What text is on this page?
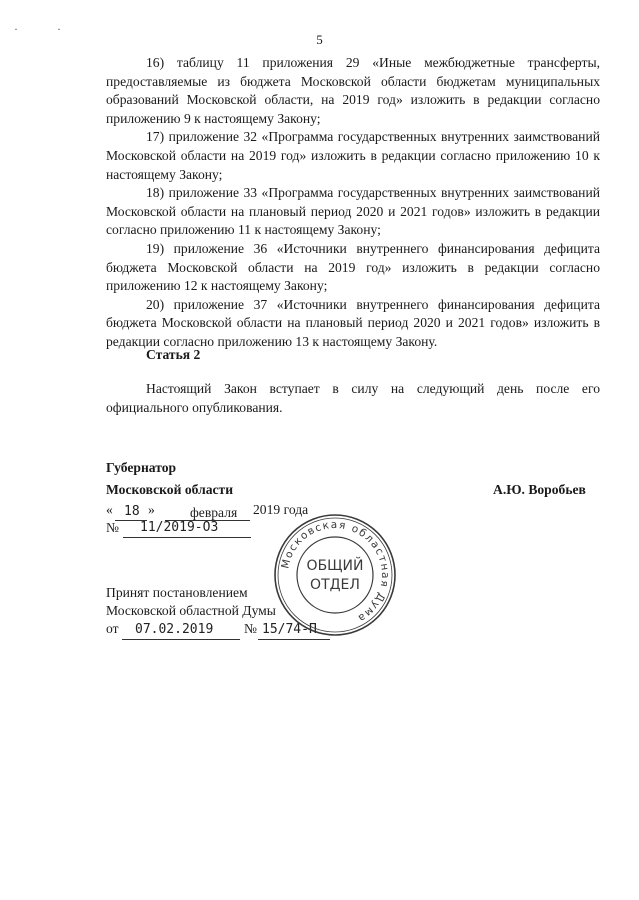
· ·
5

16) таблицу 11 приложения 29 «Иные межбюджетные трансферты, предоставляемые из бюджета Московской области бюджетам муниципальных образований Московской области, на 2019 год» изложить в редакции согласно приложению 9 к настоящему Закону;

17) приложение 32 «Программа государственных внутренних заимствований Московской области на 2019 год» изложить в редакции согласно приложению 10 к настоящему Закону;

18) приложение 33 «Программа государственных внутренних заимствований Московской области на плановый период 2020 и 2021 годов» изложить в редакции согласно приложению 11 к настоящему Закону;

19) приложение 36 «Источники внутреннего финансирования дефицита бюджета Московской области на 2019 год» изложить в редакции согласно приложению 12 к настоящему Закону;

20) приложение 37 «Источники внутреннего финансирования дефицита бюджета Московской области на плановый период 2020 и 2021 годов» изложить в редакции согласно приложению 13 к настоящему Закону.

Статья 2

Настоящий Закон вступает в силу на следующий день после его официального опубликования.

Губернатор
Московской области	А.Ю. Воробьев
« 18 »	февраля 2019 года
№ 11/2019-ОЗ
Принят постановлением
Московской областной Думы
от 07.02.2019 № 15/74-П
Московская областная Дума
ОБЩИЙ
ОТДЕЛ
